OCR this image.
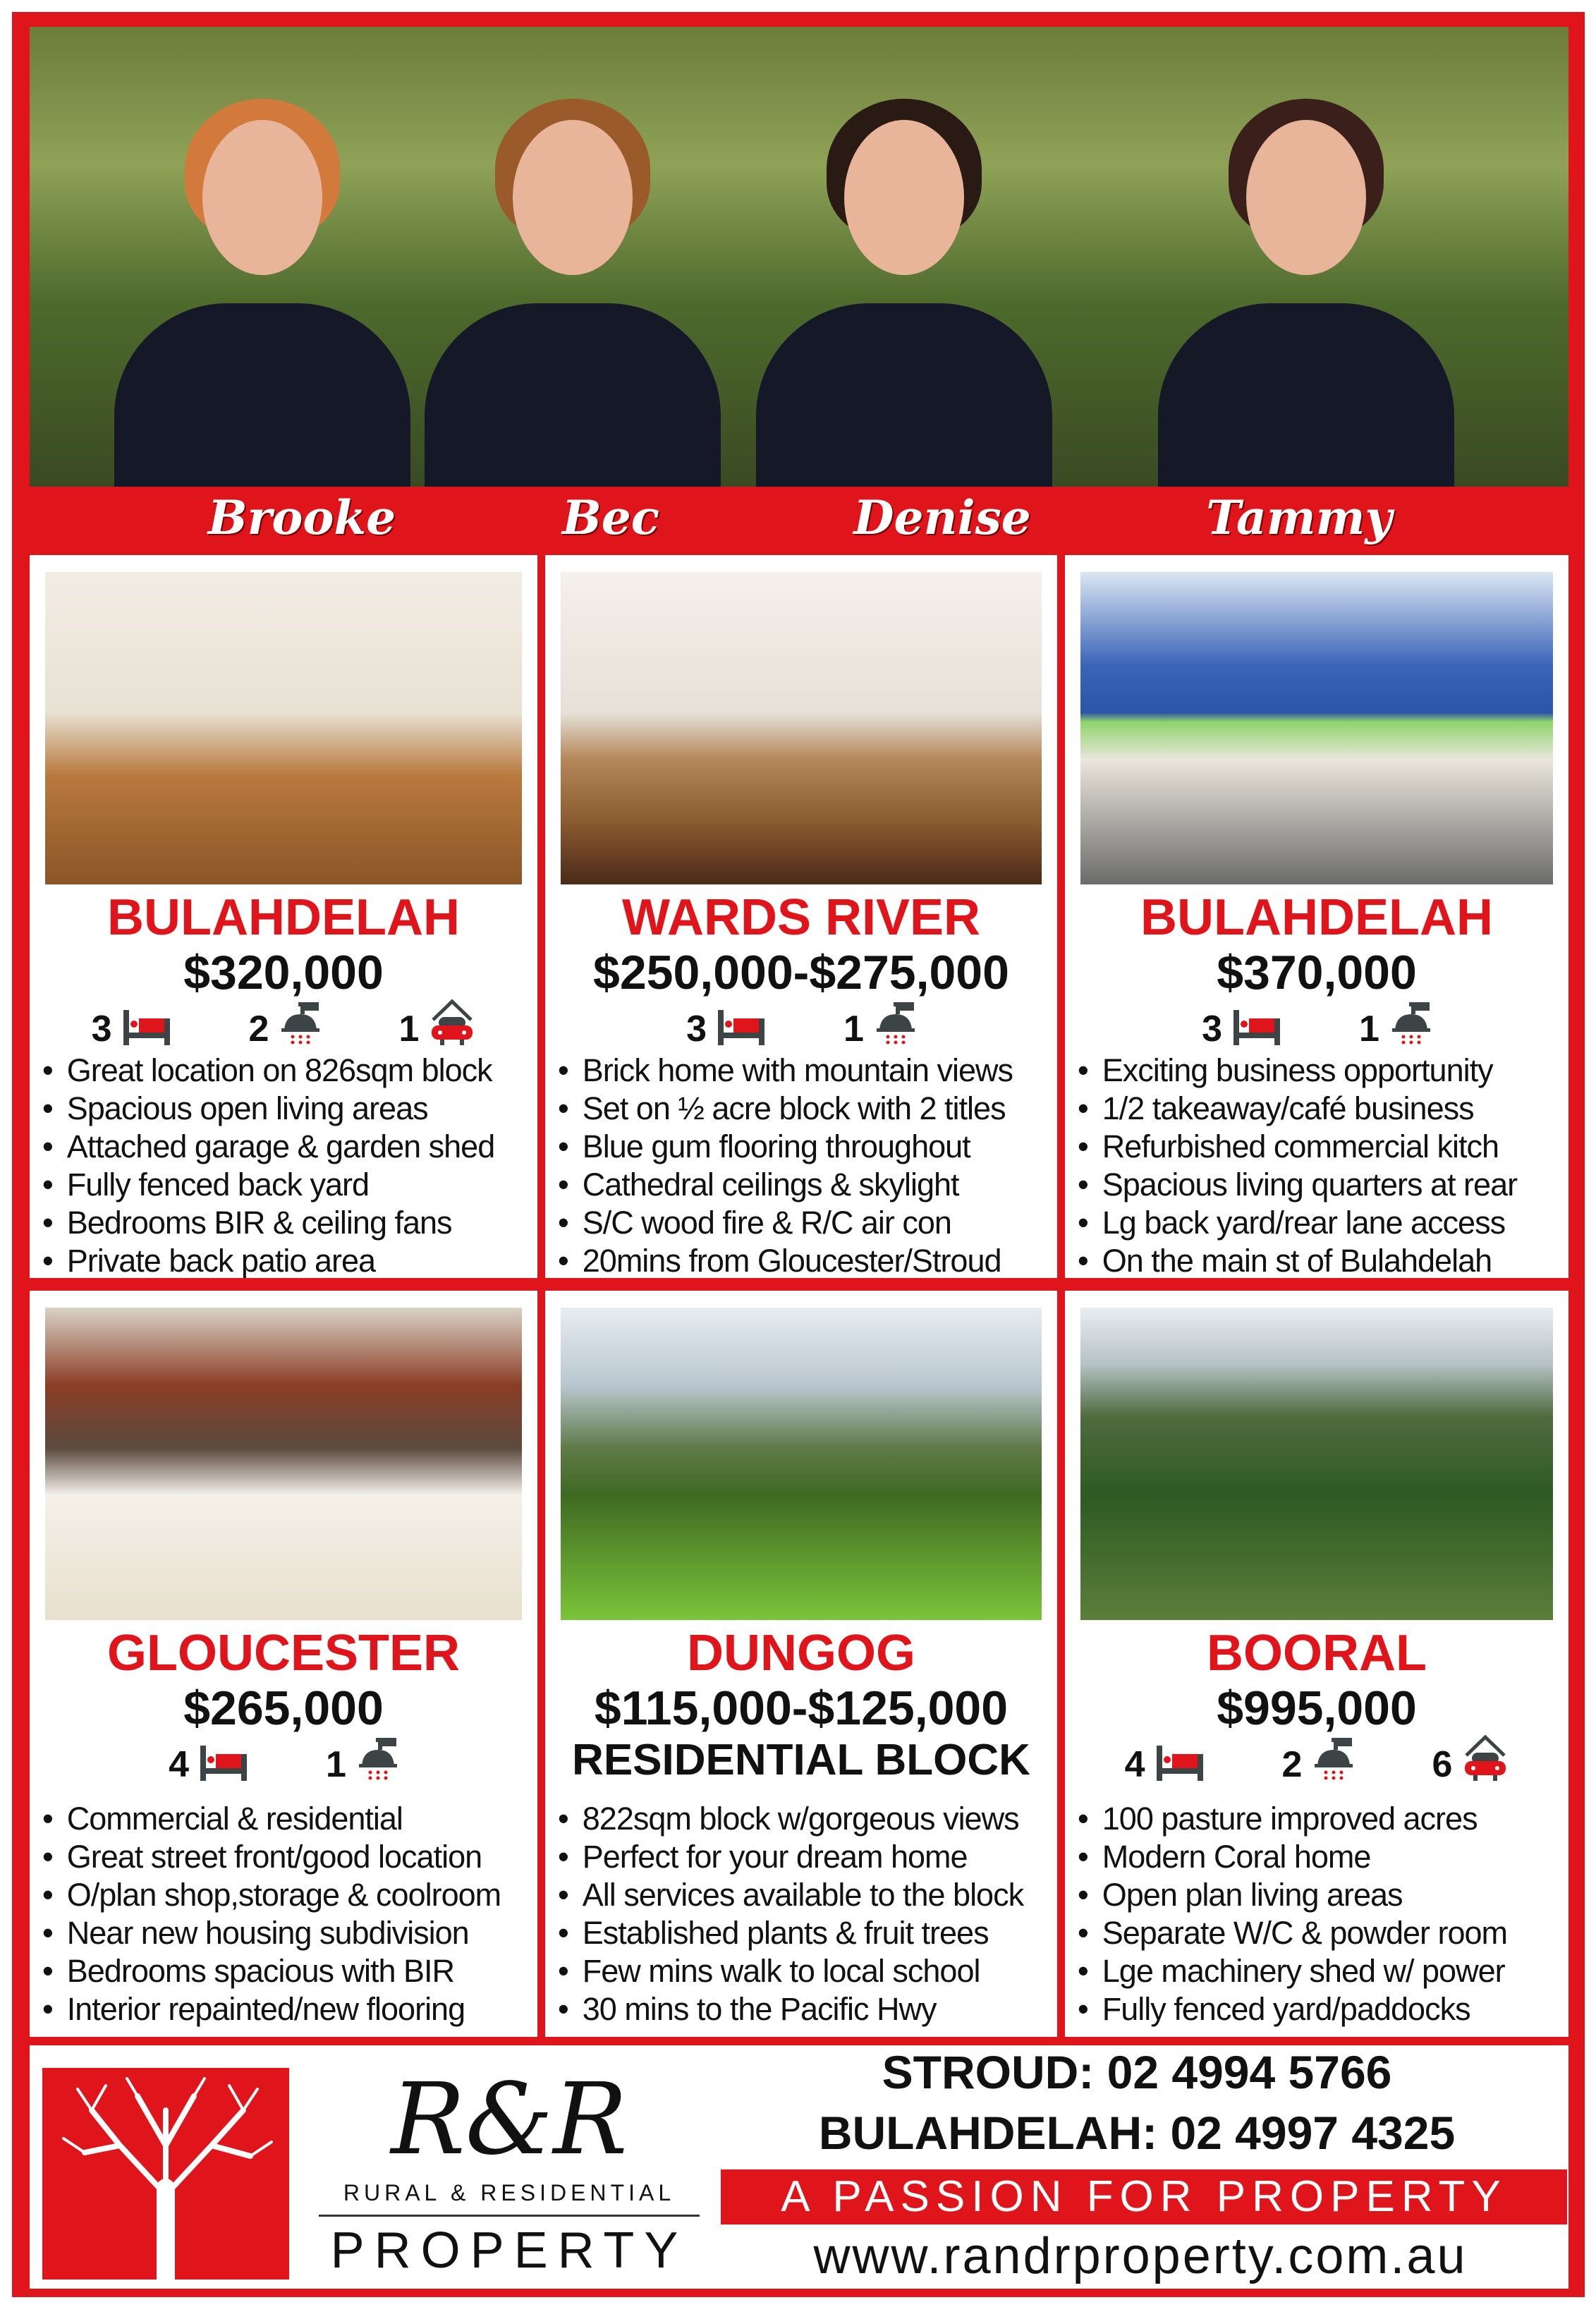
Brooke	Bec	Denise	Tammy
BULAHDELAH
$320,000
3	2	1
• Great location on 826sqm block
• Spacious open living areas
• Attached garage & garden shed
• Fully fenced back yard
• Bedrooms BIR & ceiling fans
• Private back patio area
WARDS RIVER
$250,000-$275,000
3	1
• Brick home with mountain views
• Set on ½ acre block with 2 titles
• Blue gum flooring throughout
• Cathedral ceilings & skylight
• S/C wood fire & R/C air con
• 20mins from Gloucester/Stroud
BULAHDELAH
$370,000
3	1
• Exciting business opportunity
• 1/2 takeaway/café business
• Refurbished commercial kitch
• Spacious living quarters at rear
• Lg back yard/rear lane access
• On the main st of Bulahdelah
GLOUCESTER
$265,000
4	1
• Commercial & residential
• Great street front/good location
• O/plan shop,storage & coolroom
• Near new housing subdivision
• Bedrooms spacious with BIR
• Interior repainted/new flooring
DUNGOG
$115,000-$125,000
RESIDENTIAL BLOCK
• 822sqm block w/gorgeous views
• Perfect for your dream home
• All services available to the block
• Established plants & fruit trees
• Few mins walk to local school
• 30 mins to the Pacific Hwy
BOORAL
$995,000
4	2	6
• 100 pasture improved acres
• Modern Coral home
• Open plan living areas
• Separate W/C & powder room
• Lge machinery shed w/ power
• Fully fenced yard/paddocks
R&R
RURAL & RESIDENTIAL
PROPERTY
STROUD: 02 4994 5766
BULAHDELAH: 02 4997 4325
A PASSION FOR PROPERTY
www.randrproperty.com.au
